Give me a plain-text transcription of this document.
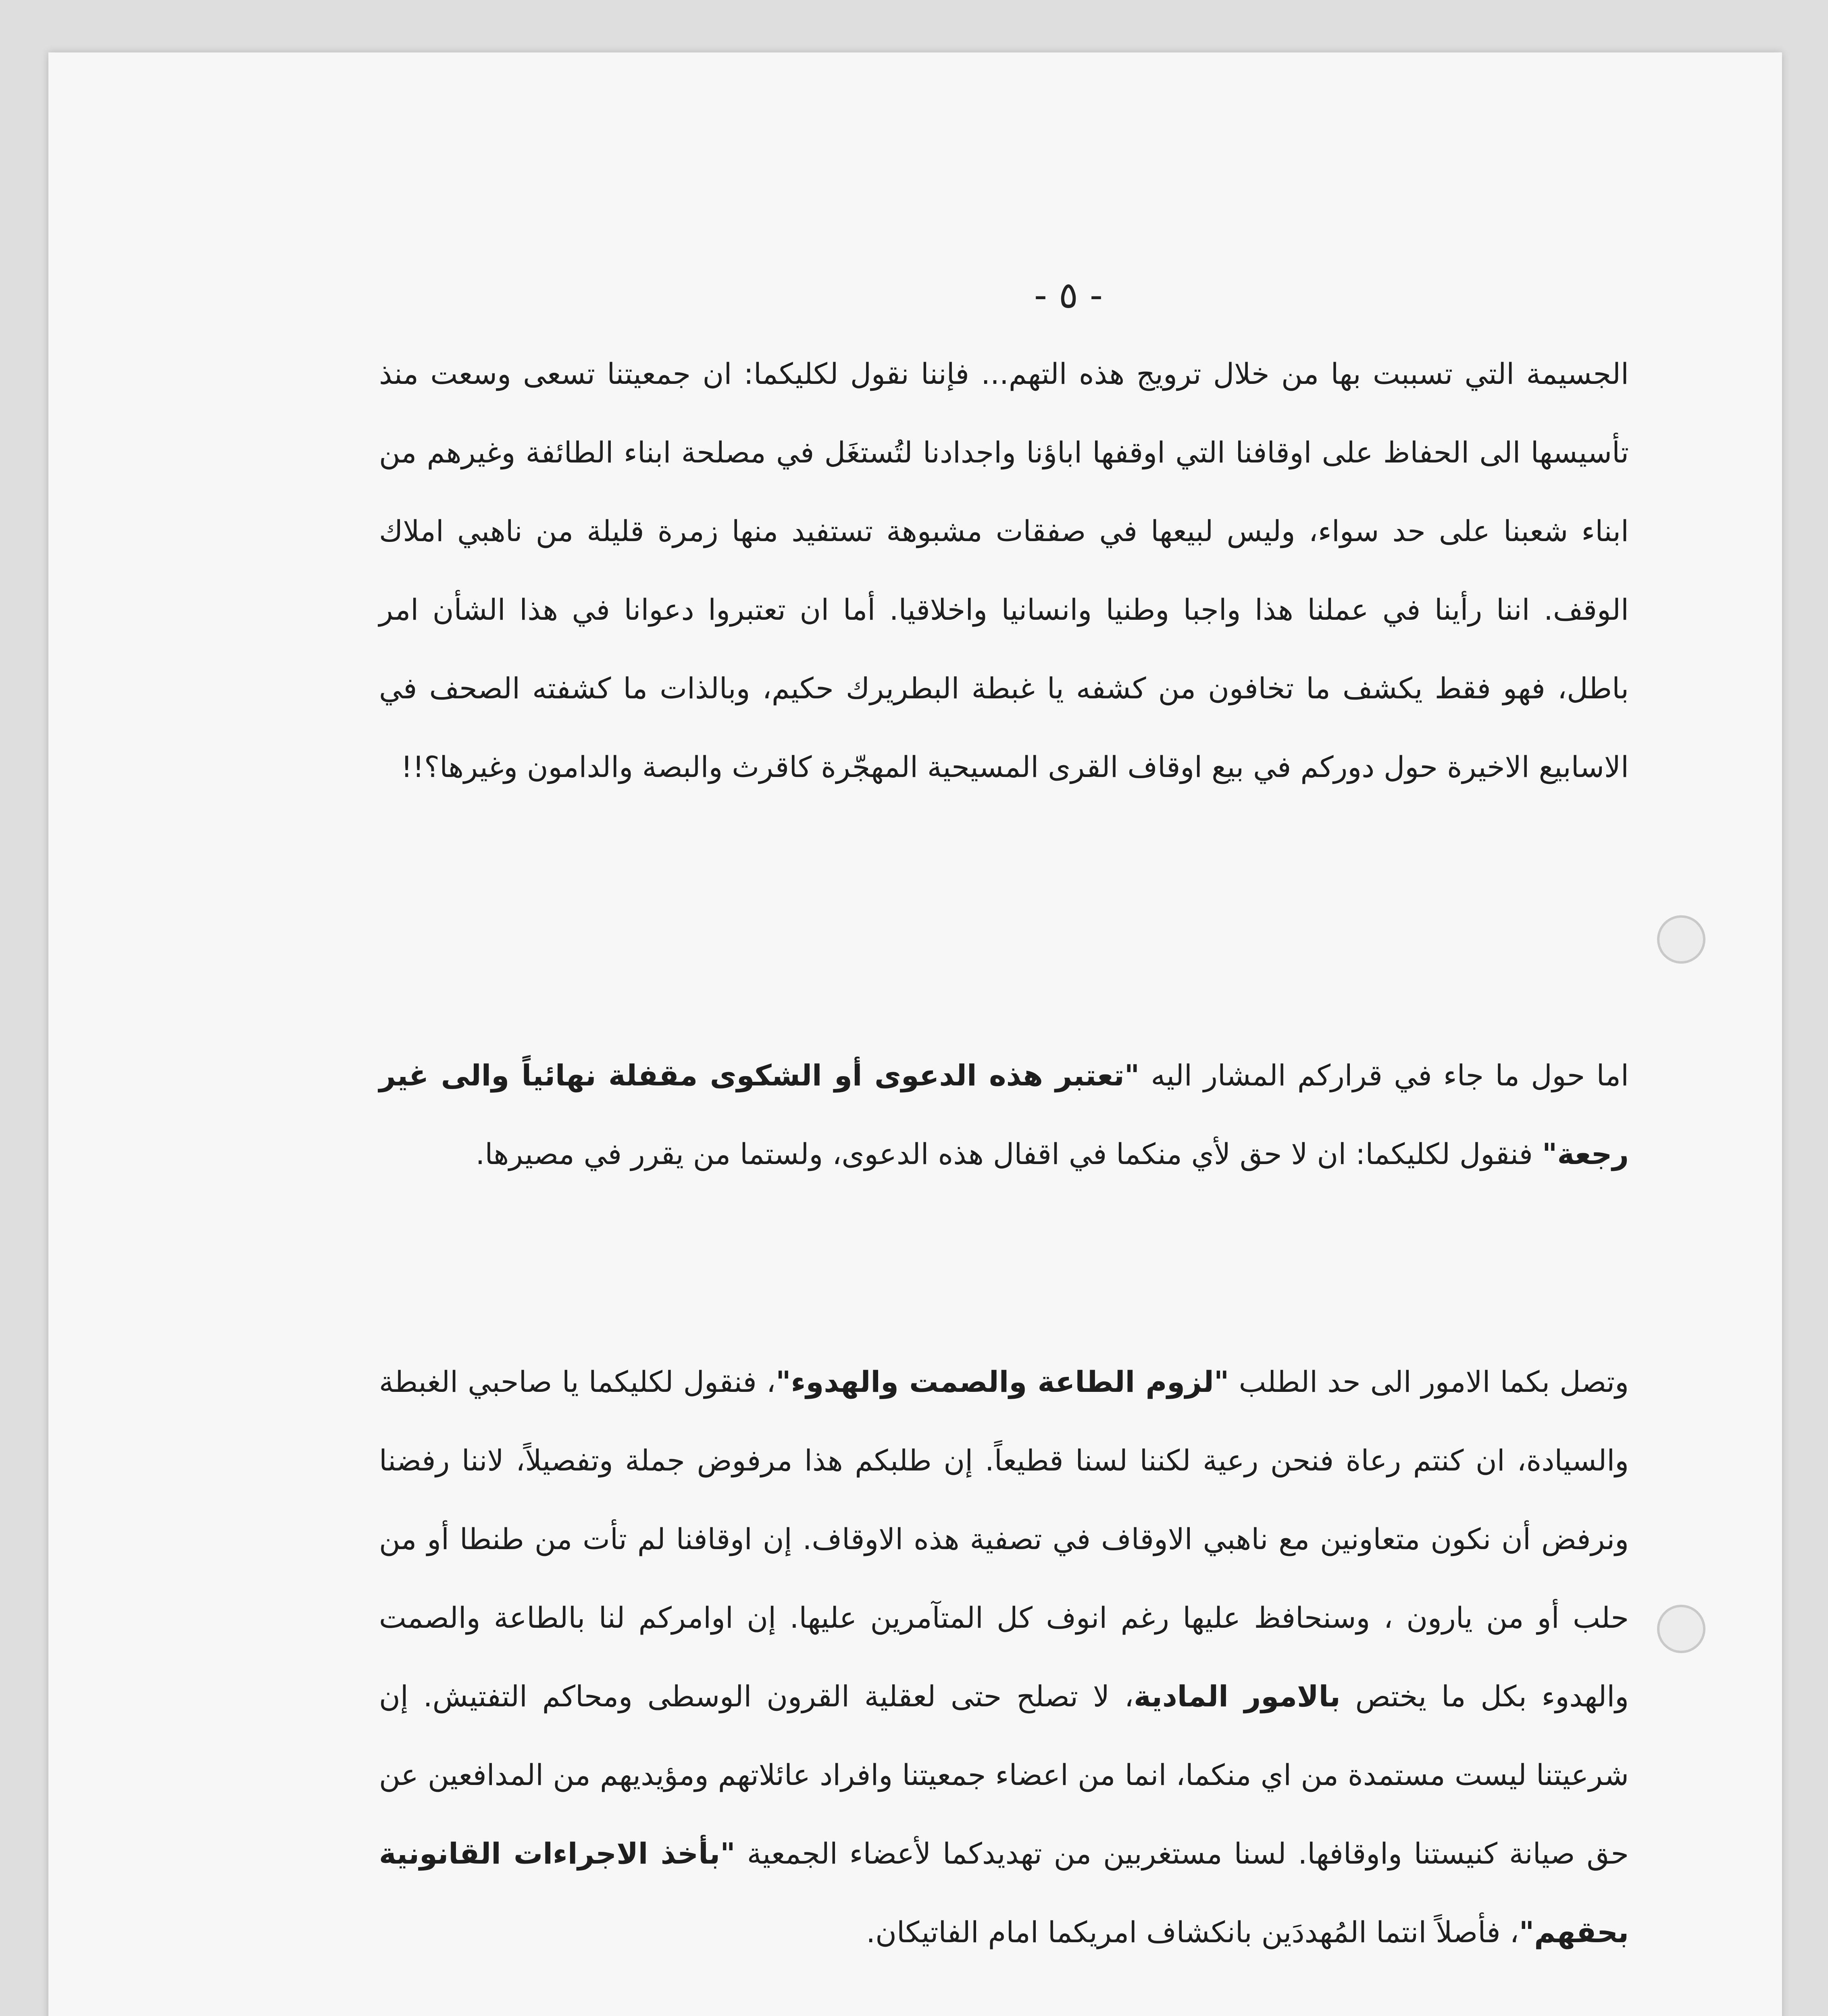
- ٥ -

الجسيمة التي تسببت بها من خلال ترويج هذه التهم... فإننا نقول لكليكما: ان جمعيتنا تسعى وسعت منذ تأسيسها الى الحفاظ على اوقافنا التي اوقفها اباؤنا واجدادنا لتُستغَل في مصلحة ابناء الطائفة وغيرهم من ابناء شعبنا على حد سواء، وليس لبيعها في صفقات مشبوهة تستفيد منها زمرة قليلة من ناهبي املاك الوقف. اننا رأينا في عملنا هذا واجبا وطنيا وانسانيا واخلاقيا. أما ان تعتبروا دعوانا في هذا الشأن امر باطل، فهو فقط يكشف ما تخافون من كشفه يا غبطة البطريرك حكيم، وبالذات ما كشفته الصحف في الاسابيع الاخيرة حول دوركم في بيع اوقاف القرى المسيحية المهجّرة كاقرث والبصة والدامون وغيرها؟!!

اما حول ما جاء في قراركم المشار اليه "تعتبر هذه الدعوى أو الشكوى مقفلة نهائياً والى غير رجعة" فنقول لكليكما: ان لا حق لأي منكما في اقفال هذه الدعوى، ولستما من يقرر في مصيرها.

وتصل بكما الامور الى حد الطلب "لزوم الطاعة والصمت والهدوء"، فنقول لكليكما يا صاحبي الغبطة والسيادة، ان كنتم رعاة فنحن رعية لكننا لسنا قطيعاً. إن طلبكم هذا مرفوض جملة وتفصيلاً، لاننا رفضنا ونرفض أن نكون متعاونين مع ناهبي الاوقاف في تصفية هذه الاوقاف. إن اوقافنا لم تأت من طنطا أو من حلب أو من يارون ، وسنحافظ عليها رغم انوف كل المتآمرين عليها. إن اوامركم لنا بالطاعة والصمت والهدوء بكل ما يختص بالامور المادية، لا تصلح حتى لعقلية القرون الوسطى ومحاكم التفتيش. إن شرعيتنا ليست مستمدة من اي منكما، انما من اعضاء جمعيتنا وافراد عائلاتهم ومؤيديهم من المدافعين عن حق صيانة كنيستنا واوقافها. لسنا مستغربين من تهديدكما لأعضاء الجمعية "بأخذ الاجراءات القانونية بحقهم"، فأصلاً انتما المُهددَين بانكشاف امريكما امام الفاتيكان.
